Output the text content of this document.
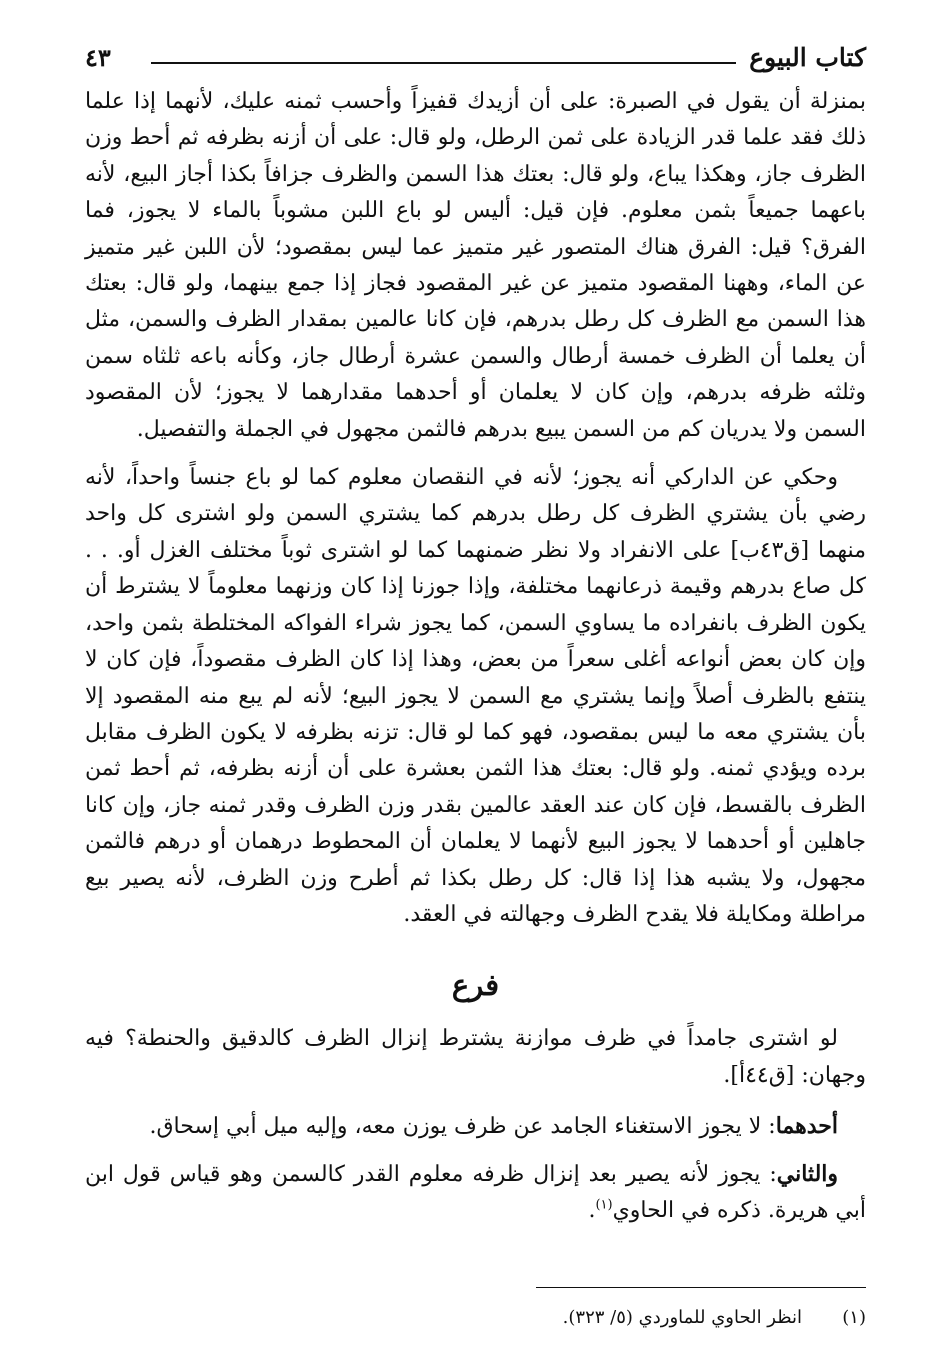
كتاب البيوع
٤٣

بمنزلة أن يقول في الصبرة: على أن أزيدك قفيزاً وأحسب ثمنه عليك، لأنهما إذا علما ذلك فقد علما قدر الزيادة على ثمن الرطل، ولو قال: على أن أزنه بظرفه ثم أحط وزن الظرف جاز، وهكذا يباع، ولو قال: بعتك هذا السمن والظرف جزافاً بكذا أجاز البيع، لأنه باعهما جميعاً بثمن معلوم. فإن قيل: أليس لو باع اللبن مشوباً بالماء لا يجوز، فما الفرق؟ قيل: الفرق هناك المتصور غير متميز عما ليس بمقصود؛ لأن اللبن غير متميز عن الماء، وههنا المقصود متميز عن غير المقصود فجاز إذا جمع بينهما، ولو قال: بعتك هذا السمن مع الظرف كل رطل بدرهم، فإن كانا عالمين بمقدار الظرف والسمن، مثل أن يعلما أن الظرف خمسة أرطال والسمن عشرة أرطال جاز، وكأنه باعه ثلثاه سمن وثلثه ظرفه بدرهم، وإن كان لا يعلمان أو أحدهما مقدارهما لا يجوز؛ لأن المقصود السمن ولا يدريان كم من السمن يبيع بدرهم فالثمن مجهول في الجملة والتفصيل.

وحكي عن الداركي أنه يجوز؛ لأنه في النقصان معلوم كما لو باع جنساً واحداً، لأنه رضي بأن يشتري الظرف كل رطل بدرهم كما يشتري السمن ولو اشترى كل واحد منهما [ق٤٣ب] على الانفراد ولا نظر ضمنهما كما لو اشترى ثوباً مختلف الغزل أو. . . كل صاع بدرهم وقيمة ذرعانهما مختلفة، وإذا جوزنا إذا كان وزنهما معلوماً لا يشترط أن يكون الظرف بانفراده ما يساوي السمن، كما يجوز شراء الفواكه المختلطة بثمن واحد، وإن كان بعض أنواعه أغلى سعراً من بعض، وهذا إذا كان الظرف مقصوداً، فإن كان لا ينتفع بالظرف أصلاً وإنما يشتري مع السمن لا يجوز البيع؛ لأنه لم يبع منه المقصود إلا بأن يشتري معه ما ليس بمقصود، فهو كما لو قال: تزنه بظرفه لا يكون الظرف مقابل برده ويؤدي ثمنه. ولو قال: بعتك هذا الثمن بعشرة على أن أزنه بظرفه، ثم أحط ثمن الظرف بالقسط، فإن كان عند العقد عالمين بقدر وزن الظرف وقدر ثمنه جاز، وإن كانا جاهلين أو أحدهما لا يجوز البيع لأنهما لا يعلمان أن المحطوط درهمان أو درهم فالثمن مجهول، ولا يشبه هذا إذا قال: كل رطل بكذا ثم أطرح وزن الظرف، لأنه يصير بيع مراطلة ومكايلة فلا يقدح الظرف وجهالته في العقد.

فرع

لو اشترى جامداً في ظرف موازنة يشترط إنزال الظرف كالدقيق والحنطة؟ فيه وجهان: [ق٤٤أ].

أحدهما: لا يجوز الاستغناء الجامد عن ظرف يوزن معه، وإليه ميل أبي إسحاق.

والثاني: يجوز لأنه يصير بعد إنزال ظرفه معلوم القدر كالسمن وهو قياس قول ابن أبي هريرة. ذكره في الحاوي$^{(١)}$.

(١)انظر الحاوي للماوردي (٥/ ٣٢٣).
